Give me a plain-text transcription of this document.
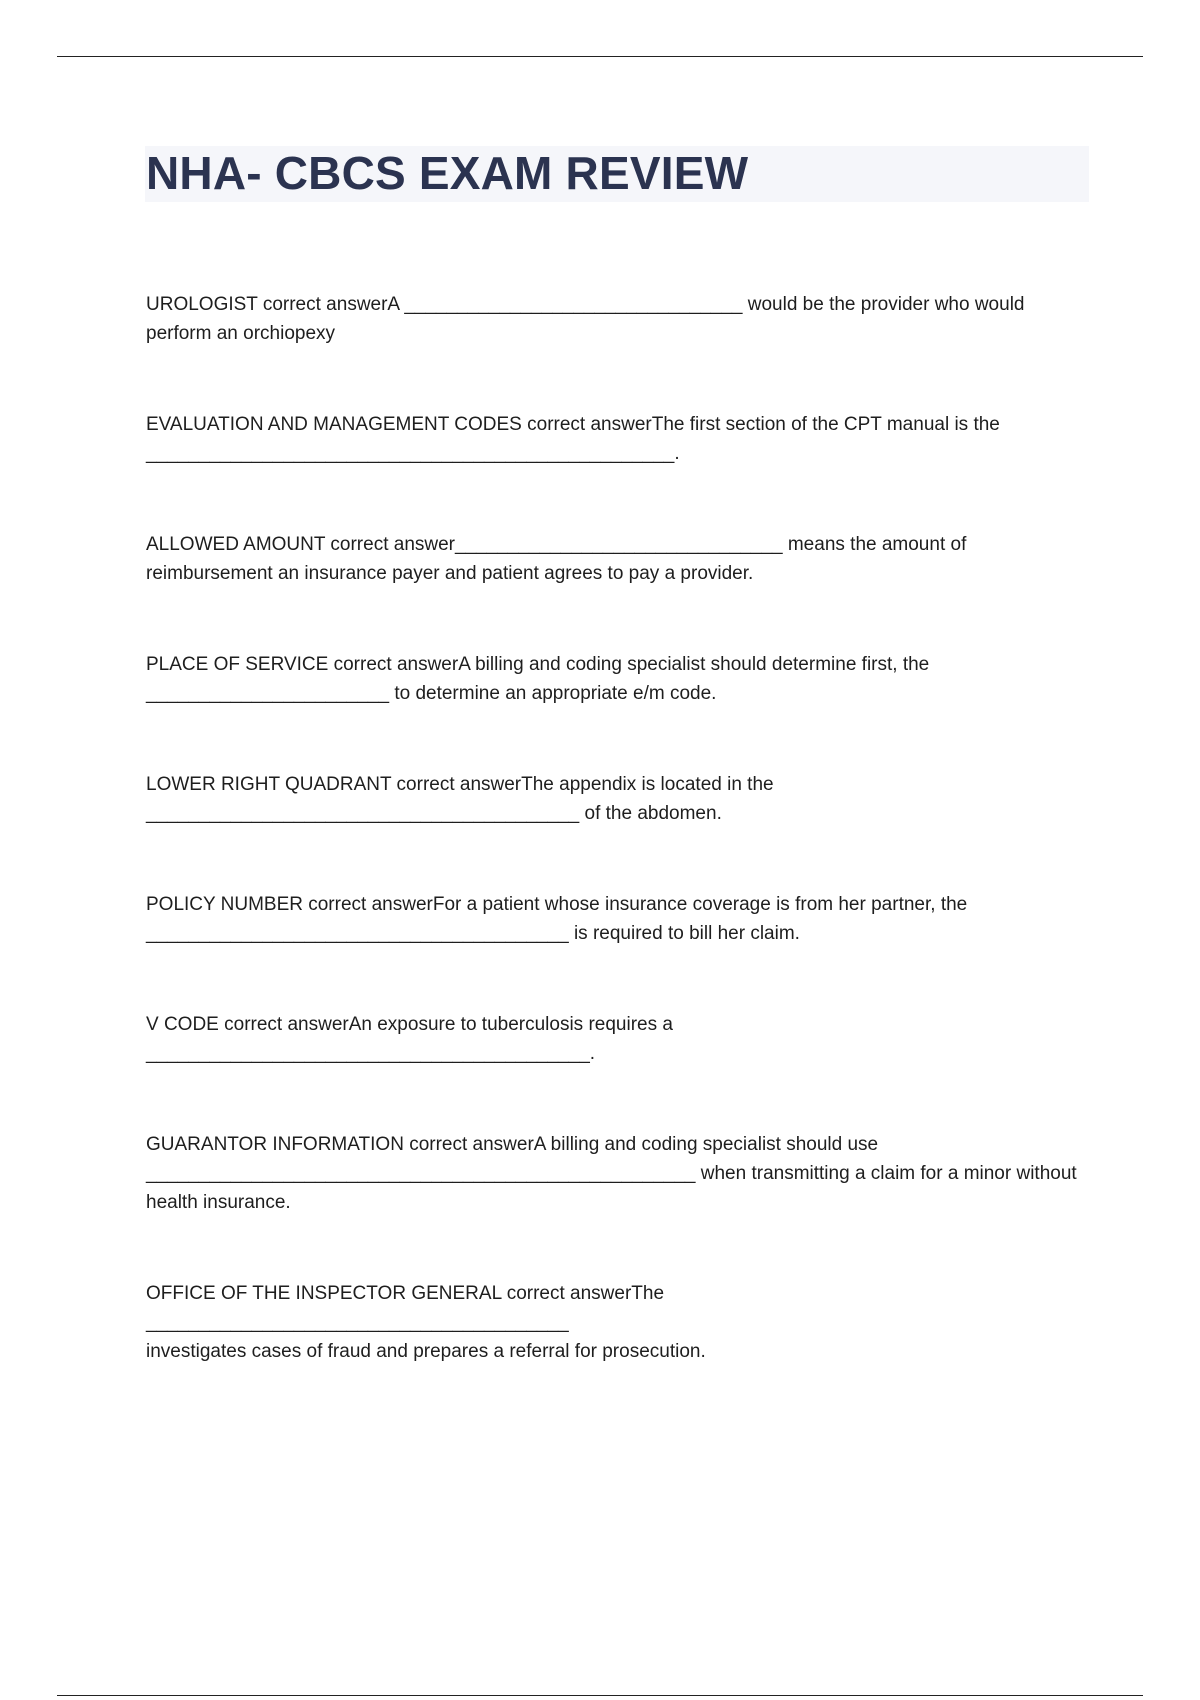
NHA- CBCS EXAM REVIEW

UROLOGIST correct answerA ________________________________ would be the provider who would
perform an orchiopexy

EVALUATION AND MANAGEMENT CODES correct answerThe first section of the CPT manual is the
__________________________________________________.

ALLOWED AMOUNT correct answer_______________________________ means the amount of
reimbursement an insurance payer and patient agrees to pay a provider.

PLACE OF SERVICE correct answerA billing and coding specialist should determine first, the
_______________________ to determine an appropriate e/m code.

LOWER RIGHT QUADRANT correct answerThe appendix is located in the
_________________________________________ of the abdomen.

POLICY NUMBER correct answerFor a patient whose insurance coverage is from her partner, the
________________________________________ is required to bill her claim.

V CODE correct answerAn exposure to tuberculosis requires a
__________________________________________.

GUARANTOR INFORMATION correct answerA billing and coding specialist should use
____________________________________________________ when transmitting a claim for a minor without
health insurance.

OFFICE OF THE INSPECTOR GENERAL correct answerThe ________________________________________
investigates cases of fraud and prepares a referral for prosecution.
